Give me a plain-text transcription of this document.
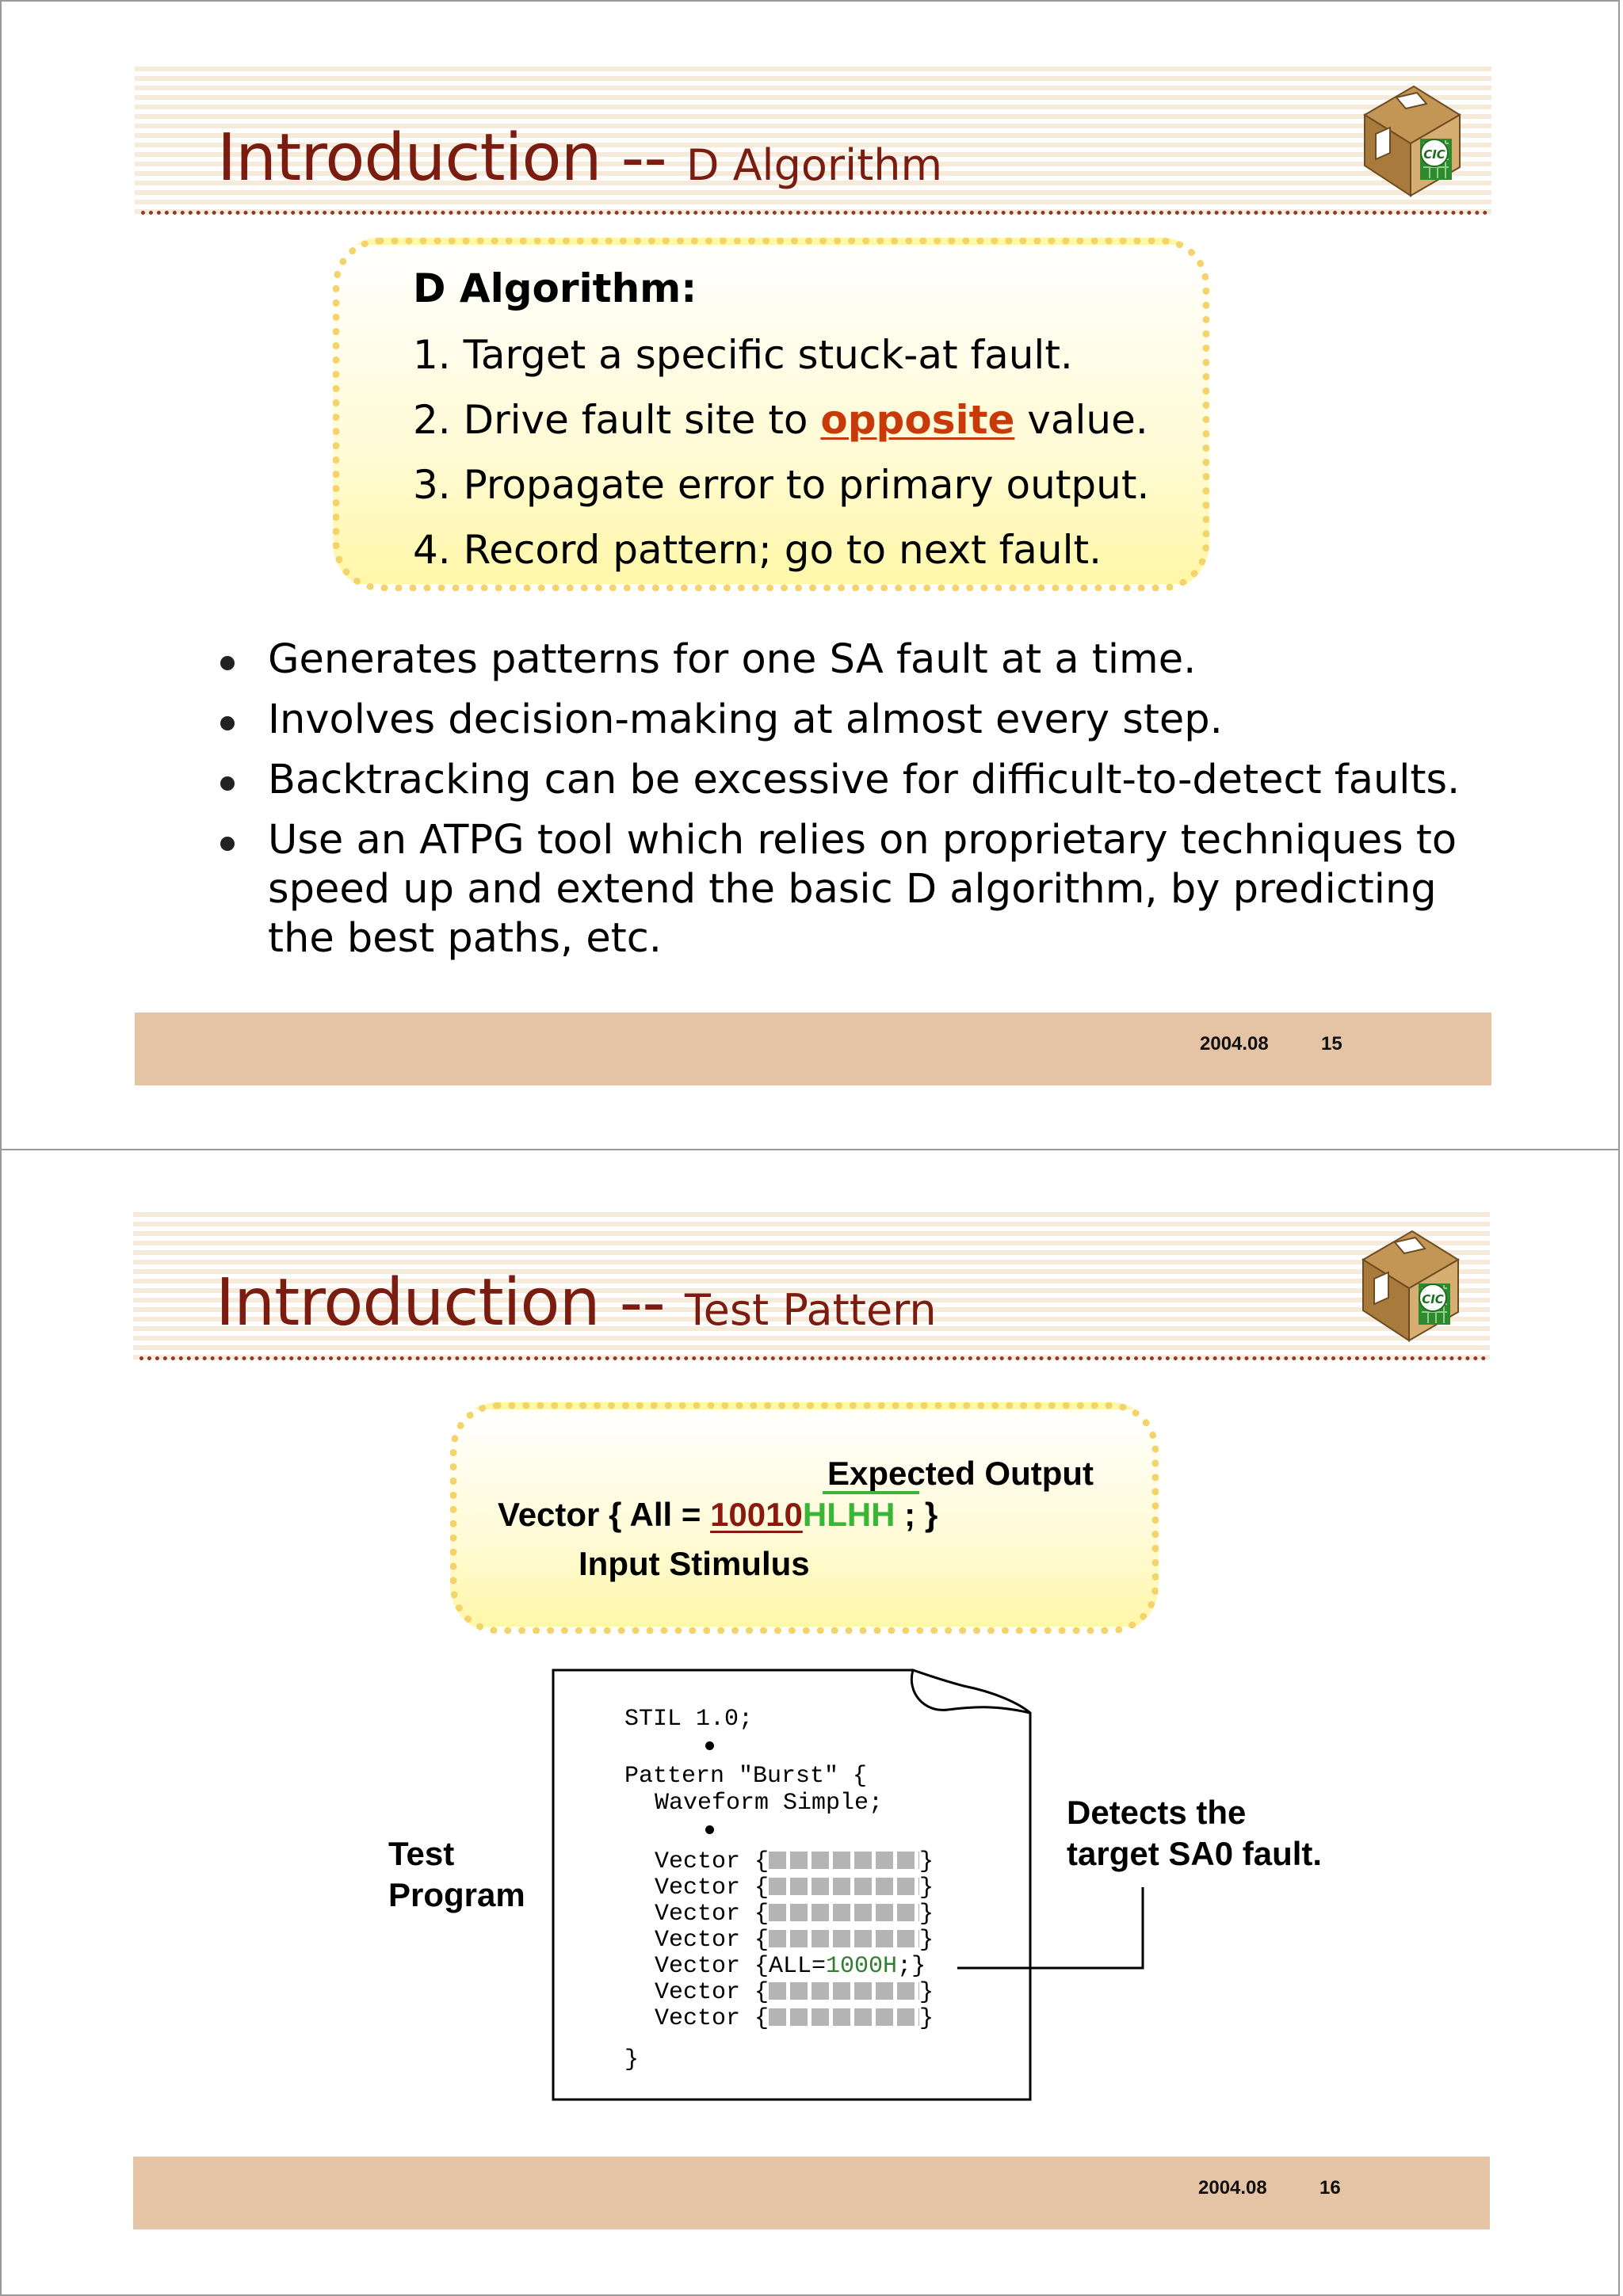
Introduction -- D Algorithm	CIC
D Algorithm:
1. Target a specific stuck-at fault.
2. Drive fault site to opposite value.
3. Propagate error to primary output.
4. Record pattern; go to next fault.
Generates patterns for one SA fault at a time.
Involves decision-making at almost every step.
Backtracking can be excessive for difficult-to-detect faults.
Use an ATPG tool which relies on proprietary techniques to speed up and extend the basic D algorithm, by predicting the best paths, etc.
2004.08	15
Introduction -- Test Pattern	CIC
Expected Output
Vector { All = 10010HLHH ; }
Input Stimulus
STIL 1.0;
Pattern "Burst" {
Waveform Simple;
Vector {	}
Vector {	}
Vector {	}
Vector {	}
Vector {ALL=1000H;}
Vector {	}
Vector {	}
}
Test
Program
Detects the
target SA0 fault.
2004.08	16
